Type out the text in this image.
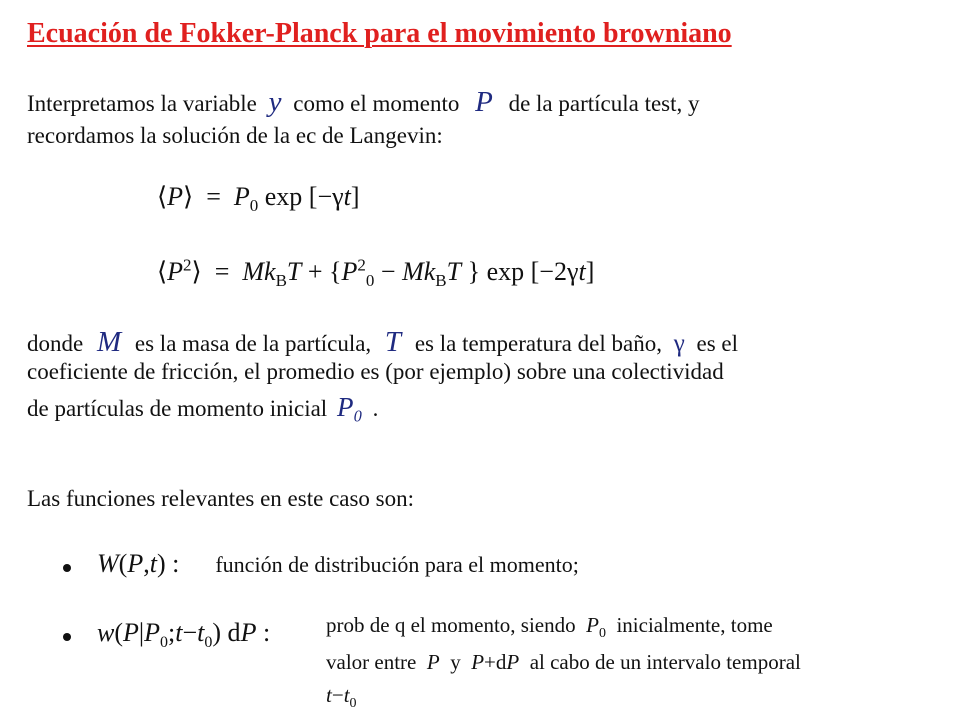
Ecuación de Fokker-Planck para el movimiento browniano
Interpretamos la variable y como el momento P de la partícula test, y
recordamos la solución de la ec de Langevin:
⟨P⟩  =  $P_0$ exp [−γt]
$⟨P^2⟩ = Mk_BT + \{P^2_0 - Mk_BT$ } exp [−2γt]
donde M es la masa de la partícula, T es la temperatura del baño, γ es el
coeficiente de fricción, el promedio es (por ejemplo) sobre una colectividad
de partículas de momento inicial P₀ .
Las funciones relevantes en este caso son:
W(P,t) : función de distribución para el momento;
$w(P|P_0;t-t_0)$ dP :	prob de q el momento, siendo  $P_0$  inicialmente, tome
valor entre  P  y  P+dP  al cabo de un intervalo temporal
$t-t_0$
